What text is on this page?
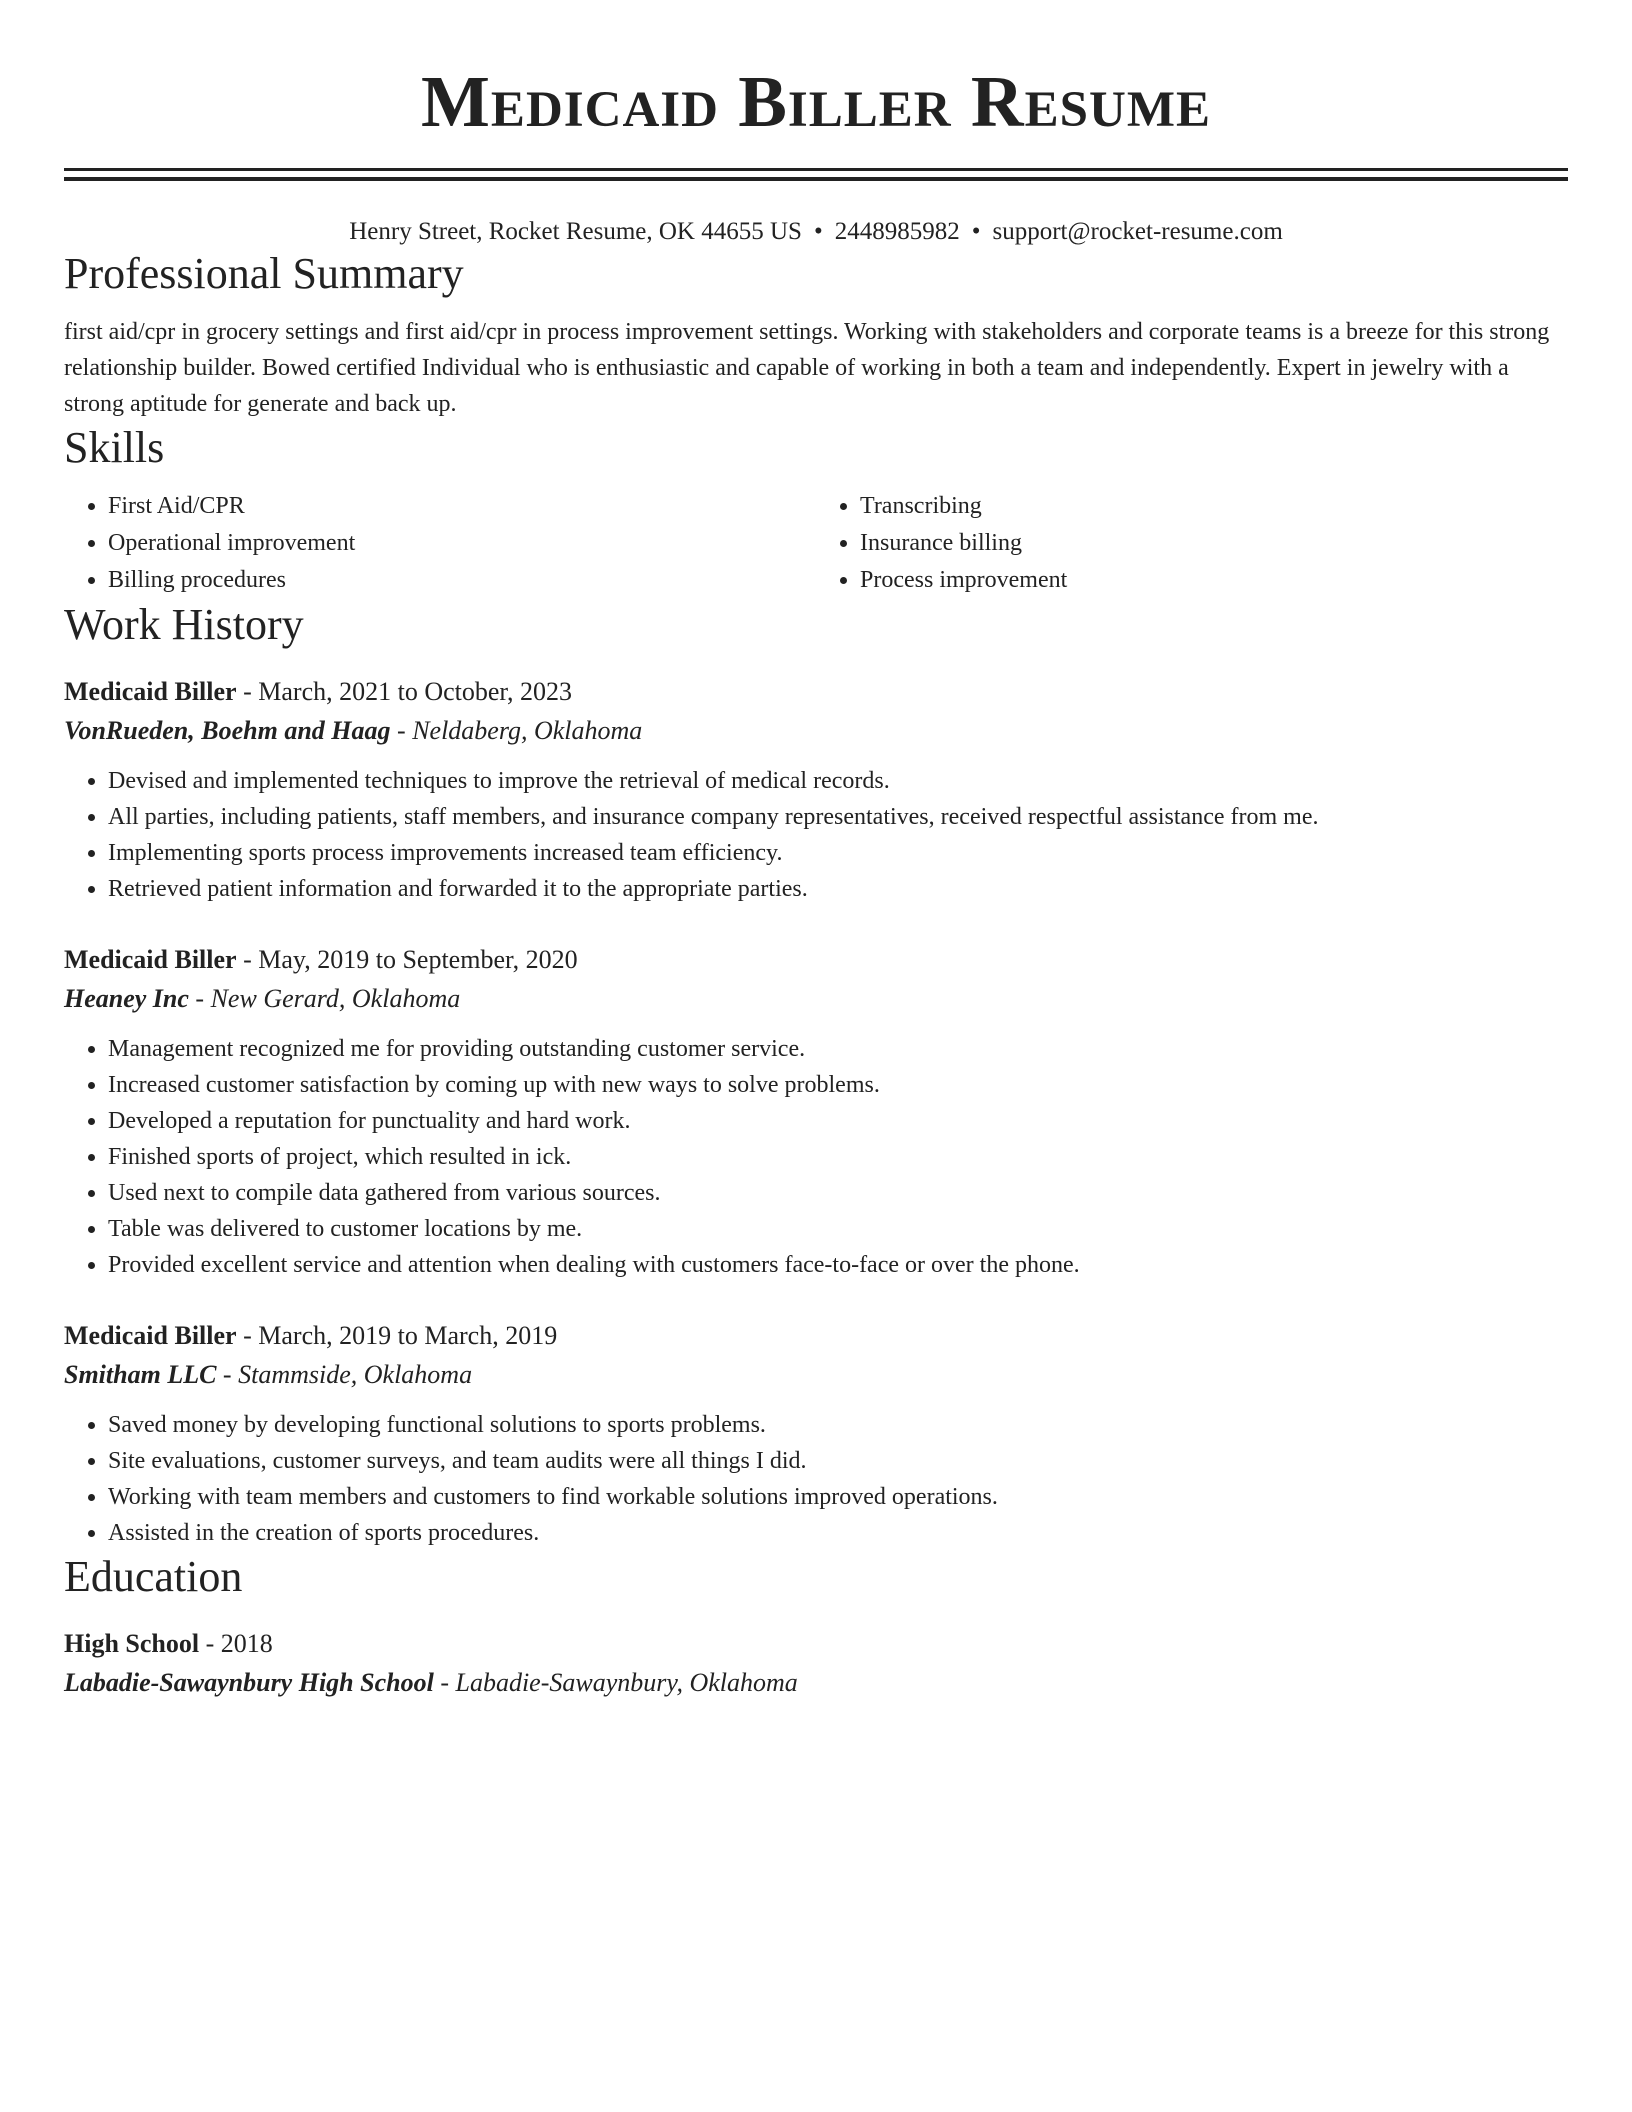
Medicaid Biller Resume
Henry Street, Rocket Resume, OK 44655 US • 2448985982 • support@rocket-resume.com
Professional Summary

first aid/cpr in grocery settings and first aid/cpr in process improvement settings. Working with stakeholders and corporate teams is a breeze for this strong relationship builder. Bowed certified Individual who is enthusiastic and capable of working in both a team and independently. Expert in jewelry with a strong aptitude for generate and back up.

Skills
• First Aid/CPR
• Operational improvement
• Billing procedures
• Transcribing
• Insurance billing
• Process improvement
Work History
Medicaid Biller - March, 2021 to October, 2023
VonRueden, Boehm and Haag - Neldaberg, Oklahoma
• Devised and implemented techniques to improve the retrieval of medical records.
• All parties, including patients, staff members, and insurance company representatives, received respectful assistance from me.
• Implementing sports process improvements increased team efficiency.
• Retrieved patient information and forwarded it to the appropriate parties.
Medicaid Biller - May, 2019 to September, 2020
Heaney Inc - New Gerard, Oklahoma
• Management recognized me for providing outstanding customer service.
• Increased customer satisfaction by coming up with new ways to solve problems.
• Developed a reputation for punctuality and hard work.
• Finished sports of project, which resulted in ick.
• Used next to compile data gathered from various sources.
• Table was delivered to customer locations by me.
• Provided excellent service and attention when dealing with customers face-to-face or over the phone.
Medicaid Biller - March, 2019 to March, 2019
Smitham LLC - Stammside, Oklahoma
• Saved money by developing functional solutions to sports problems.
• Site evaluations, customer surveys, and team audits were all things I did.
• Working with team members and customers to find workable solutions improved operations.
• Assisted in the creation of sports procedures.
Education
High School - 2018
Labadie-Sawaynbury High School - Labadie-Sawaynbury, Oklahoma
